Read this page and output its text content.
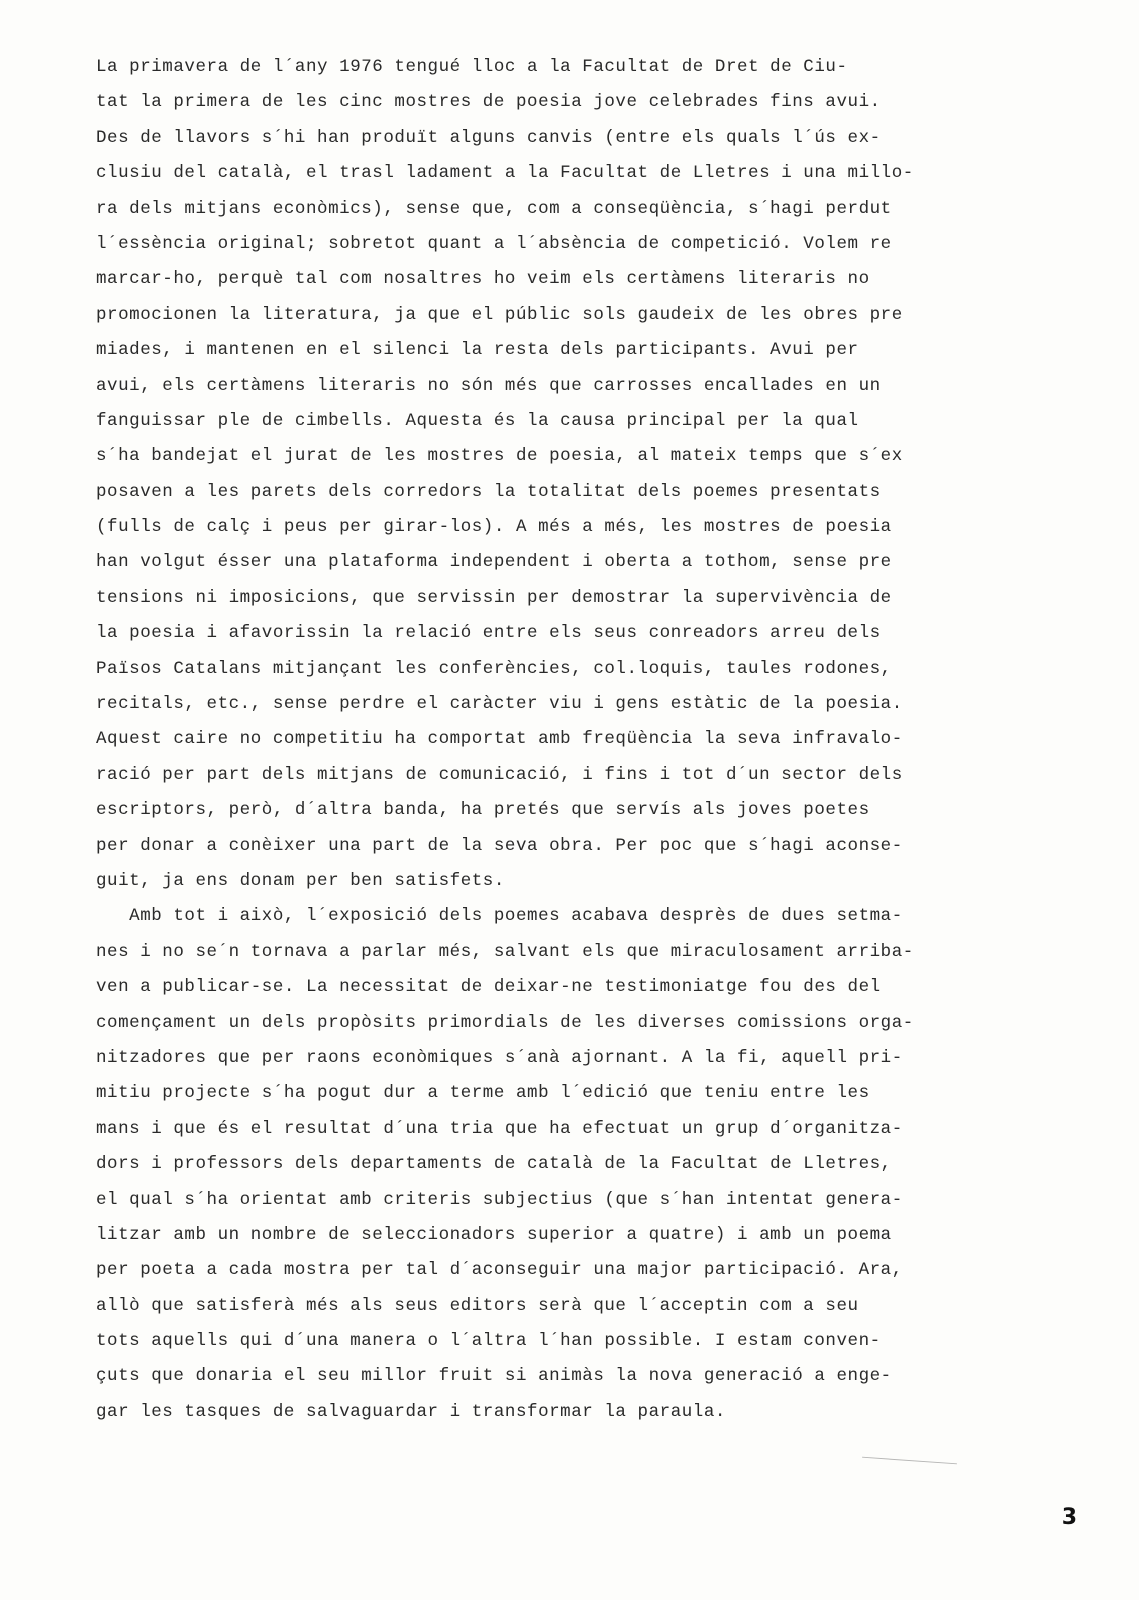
La primavera de l´any 1976 tengué lloc a la Facultat de Dret de Ciu-
tat la primera de les cinc mostres de poesia jove celebrades fins avui.
Des de llavors s´hi han produït alguns canvis (entre els quals l´ús ex-
clusiu del català, el trasl ladament a la Facultat de Lletres i una millo-
ra dels mitjans econòmics), sense que, com a conseqüència, s´hagi perdut
l´essència original; sobretot quant a l´absència de competició. Volem re
marcar-ho, perquè tal com nosaltres ho veim els certàmens literaris no
promocionen la literatura, ja que el públic sols gaudeix de les obres pre
miades, i mantenen en el silenci la resta dels participants. Avui per
avui, els certàmens literaris no són més que carrosses encallades en un
fanguissar ple de cimbells. Aquesta és la causa principal per la qual
s´ha bandejat el jurat de les mostres de poesia, al mateix temps que s´ex
posaven a les parets dels corredors la totalitat dels poemes presentats
(fulls de calç i peus per girar-los). A més a més, les mostres de poesia
han volgut ésser una plataforma independent i oberta a tothom, sense pre
tensions ni imposicions, que servissin per demostrar la supervivència de
la poesia i afavorissin la relació entre els seus conreadors arreu dels
Països Catalans mitjançant les conferències, col.loquis, taules rodones,
recitals, etc., sense perdre el caràcter viu i gens estàtic de la poesia.
Aquest caire no competitiu ha comportat amb freqüència la seva infravalo-
ració per part dels mitjans de comunicació, i fins i tot d´un sector dels
escriptors, però, d´altra banda, ha pretés que servís als joves poetes
per donar a conèixer una part de la seva obra. Per poc que s´hagi aconse-
guit, ja ens donam per ben satisfets.
Amb tot i això, l´exposició dels poemes acabava desprès de dues setma-
nes i no se´n tornava a parlar més, salvant els que miraculosament arriba-
ven a publicar-se. La necessitat de deixar-ne testimoniatge fou des del
començament un dels propòsits primordials de les diverses comissions orga-
nitzadores que per raons econòmiques s´anà ajornant. A la fi, aquell pri-
mitiu projecte s´ha pogut dur a terme amb l´edició que teniu entre les
mans i que és el resultat d´una tria que ha efectuat un grup d´organitza-
dors i professors dels departaments de català de la Facultat de Lletres,
el qual s´ha orientat amb criteris subjectius (que s´han intentat genera-
litzar amb un nombre de seleccionadors superior a quatre) i amb un poema
per poeta a cada mostra per tal d´aconseguir una major participació. Ara,
allò que satisferà més als seus editors serà que l´acceptin com a seu
tots aquells qui d´una manera o l´altra l´han possible. I estam conven-
çuts que donaria el seu millor fruit si animàs la nova generació a enge-
gar les tasques de salvaguardar i transformar la paraula.
3
